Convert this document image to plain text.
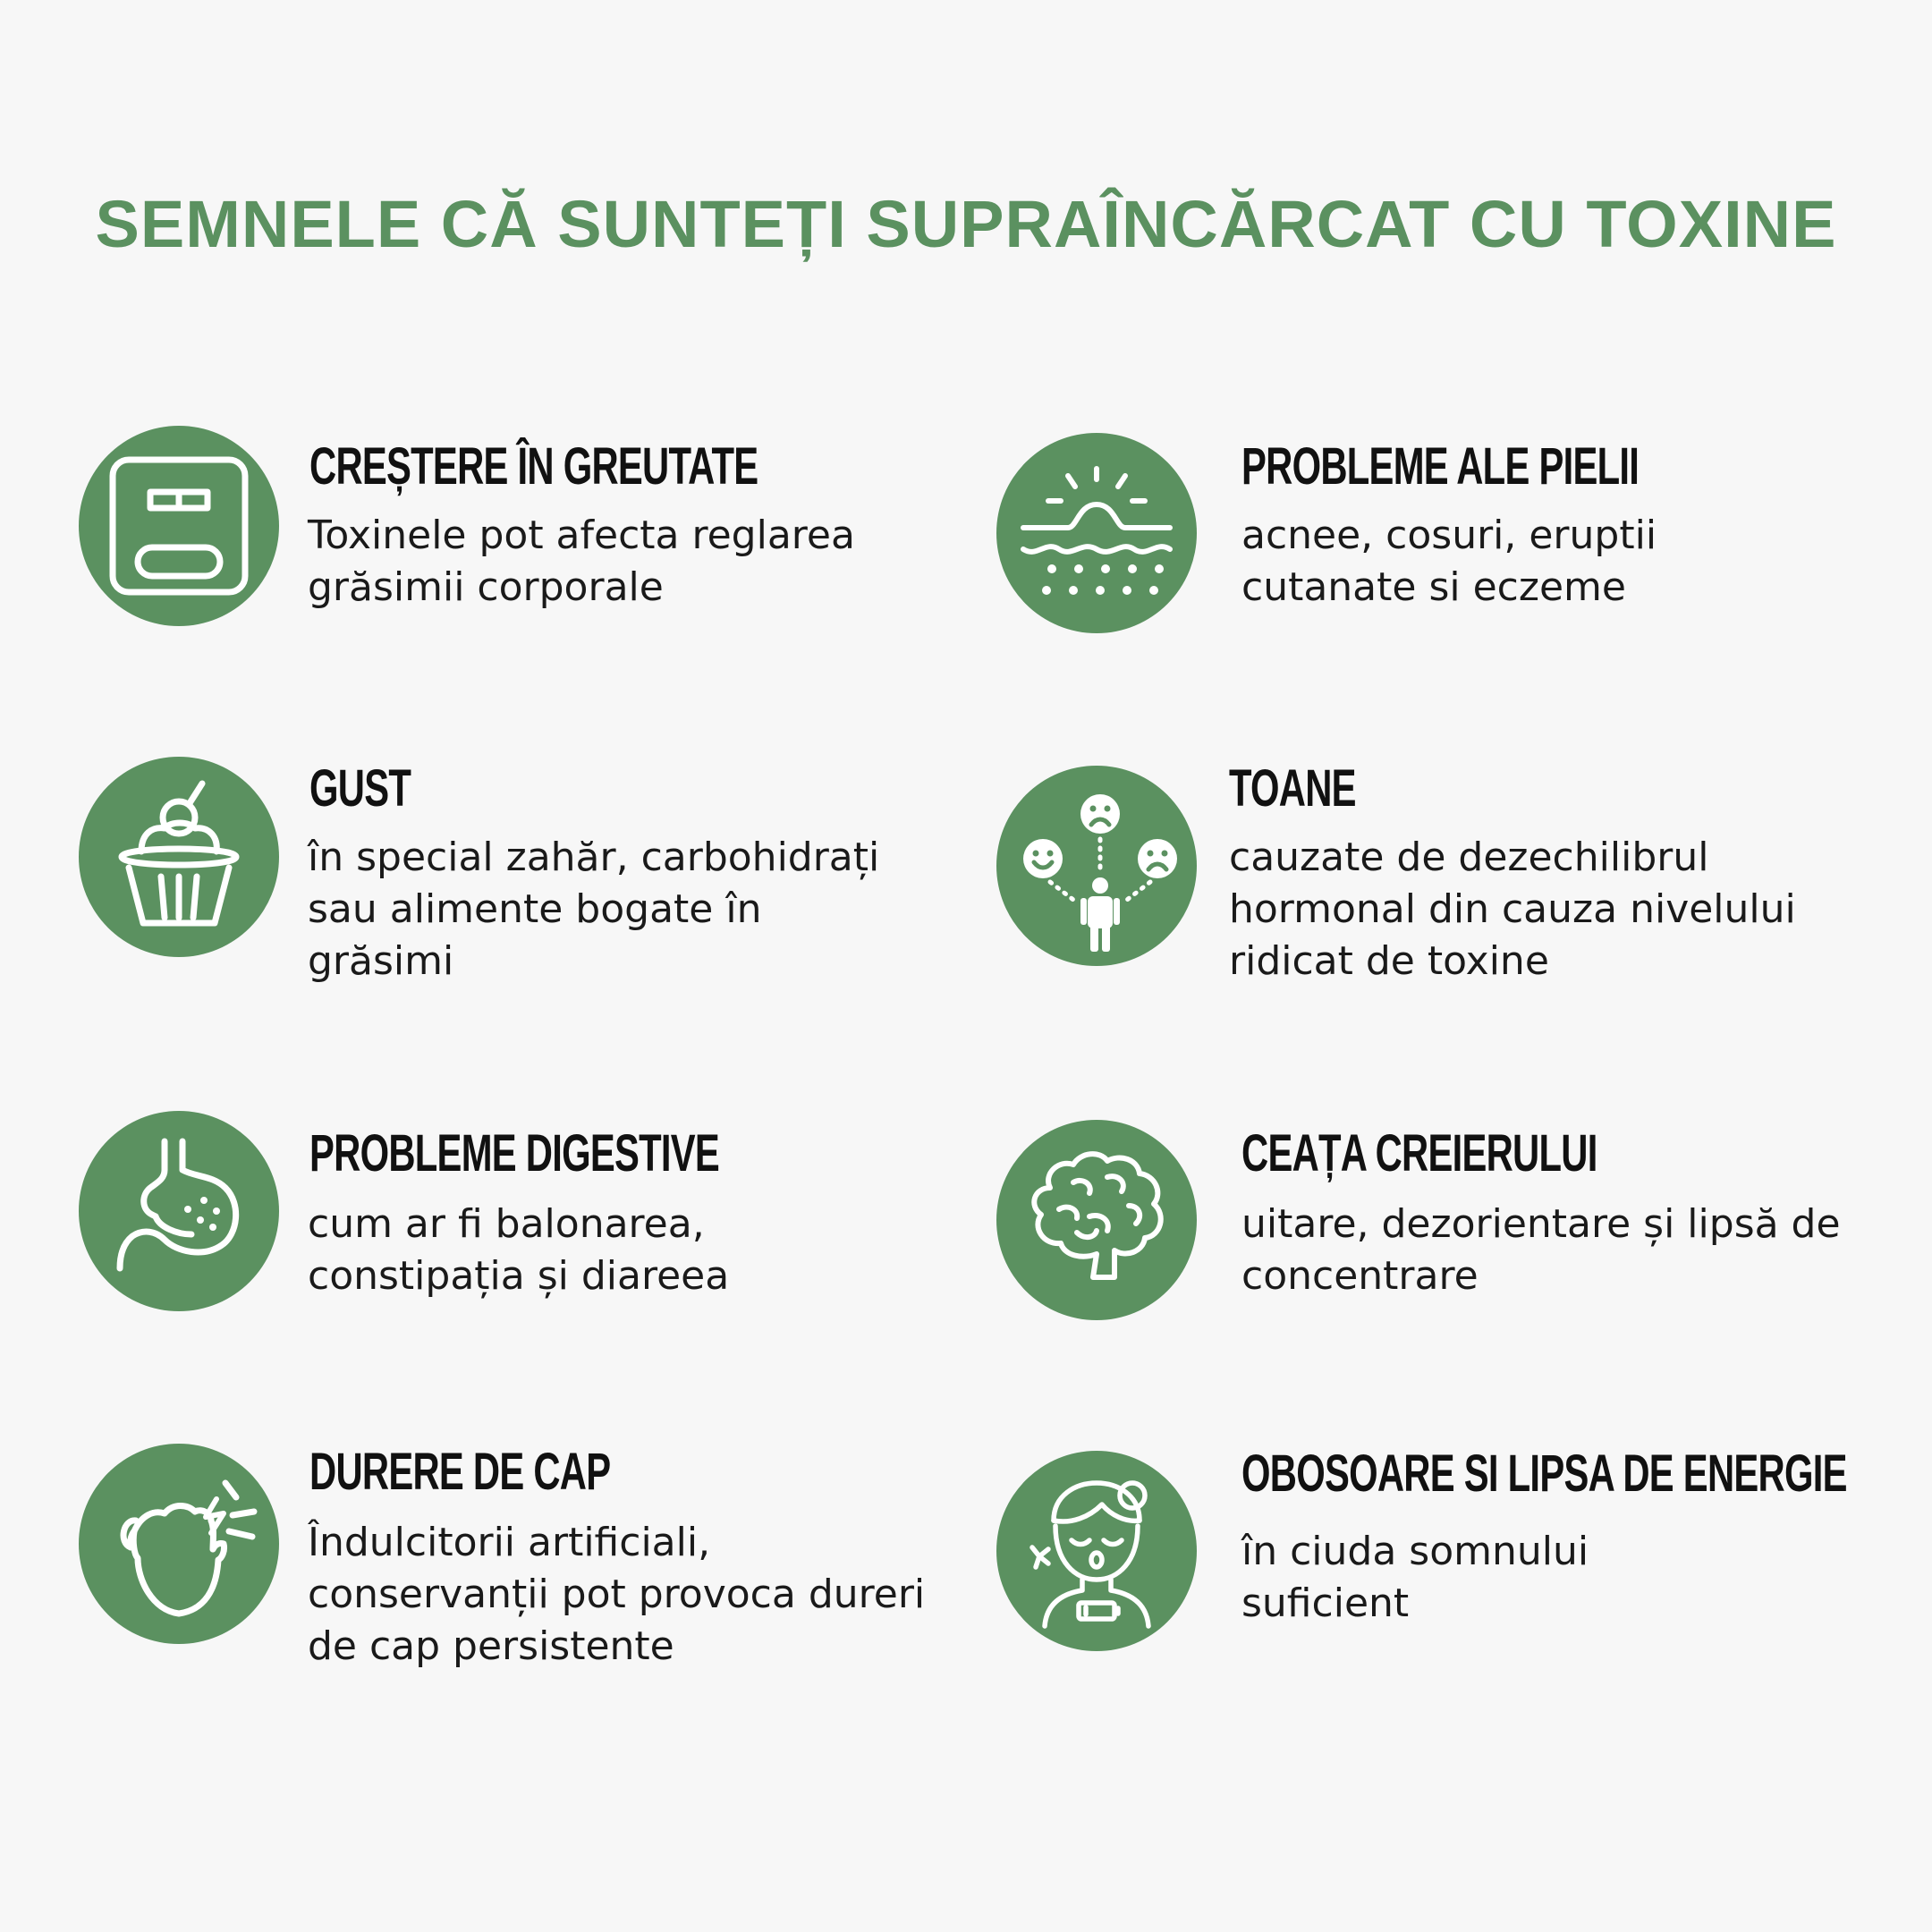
SEMNELE CĂ SUNTEȚI SUPRAÎNCĂRCAT CU TOXINE
CREȘTERE ÎN GREUTATE
Toxinele pot afecta reglarea
grăsimii corporale
PROBLEME ALE PIELII
acnee, cosuri, eruptii
cutanate si eczeme
GUST
în special zahăr, carbohidrați
sau alimente bogate în
grăsimi
TOANE
cauzate de dezechilibrul
hormonal din cauza nivelului
ridicat de toxine
PROBLEME DIGESTIVE
cum ar fi balonarea,
constipația și diareea
CEAȚA CREIERULUI
uitare, dezorientare și lipsă de
concentrare
DURERE DE CAP
Îndulcitorii artificiali,
conservanții pot provoca dureri
de cap persistente
OBOSOARE SI LIPSA DE ENERGIE
în ciuda somnului
suficient
